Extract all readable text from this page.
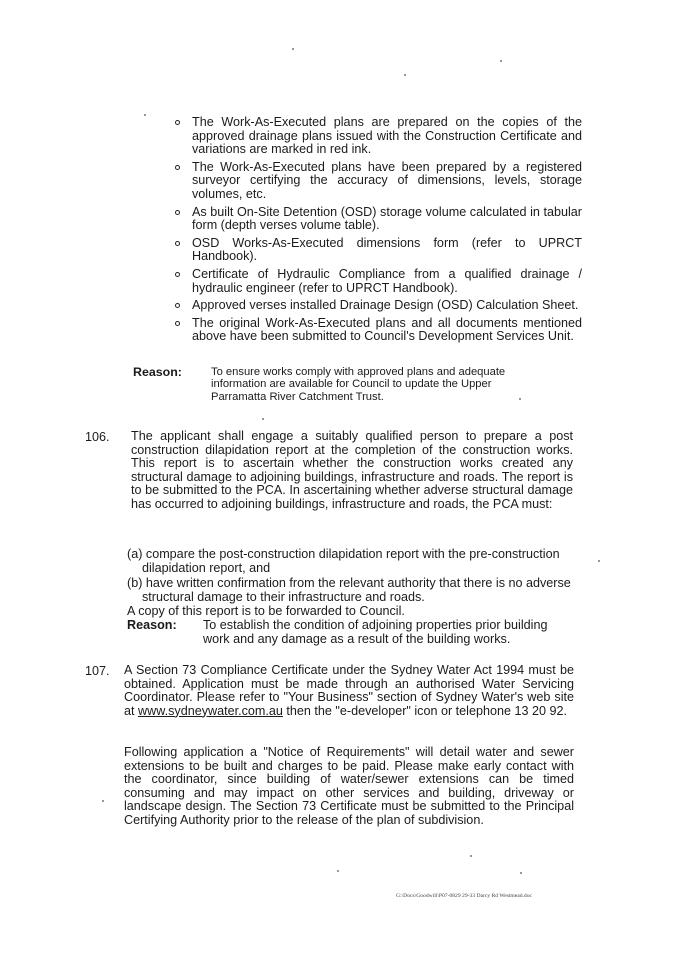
The Work-As-Executed plans are prepared on the copies of the approved drainage plans issued with the Construction Certificate and variations are marked in red ink.
The Work-As-Executed plans have been prepared by a registered surveyor certifying the accuracy of dimensions, levels, storage volumes, etc.
As built On-Site Detention (OSD) storage volume calculated in tabular form (depth verses volume table).
OSD Works-As-Executed dimensions form (refer to UPRCT Handbook).
Certificate of Hydraulic Compliance from a qualified drainage / hydraulic engineer (refer to UPRCT Handbook).
Approved verses installed Drainage Design (OSD) Calculation Sheet.
The original Work-As-Executed plans and all documents mentioned above have been submitted to Council's Development Services Unit.
Reason:	To ensure works comply with approved plans and adequate information are available for Council to update the Upper Parramatta River Catchment Trust.
106. The applicant shall engage a suitably qualified person to prepare a post construction dilapidation report at the completion of the construction works. This report is to ascertain whether the construction works created any structural damage to adjoining buildings, infrastructure and roads. The report is to be submitted to the PCA. In ascertaining whether adverse structural damage has occurred to adjoining buildings, infrastructure and roads, the PCA must:
(a) compare the post-construction dilapidation report with the pre-construction dilapidation report, and
(b) have written confirmation from the relevant authority that there is no adverse structural damage to their infrastructure and roads.
A copy of this report is to be forwarded to Council.
Reason: To establish the condition of adjoining properties prior building work and any damage as a result of the building works.
107. A Section 73 Compliance Certificate under the Sydney Water Act 1994 must be obtained. Application must be made through an authorised Water Servicing Coordinator. Please refer to "Your Business" section of Sydney Water's web site at www.sydneywater.com.au then the "e-developer" icon or telephone 13 20 92.
Following application a "Notice of Requirements" will detail water and sewer extensions to be built and charges to be paid. Please make early contact with the coordinator, since building of water/sewer extensions can be timed consuming and may impact on other services and building, driveway or landscape design. The Section 73 Certificate must be submitted to the Principal Certifying Authority prior to the release of the plan of subdivision.
G:\Docs\Goodwill\P07-0829 29-33 Darcy Rd Westmead.doc
